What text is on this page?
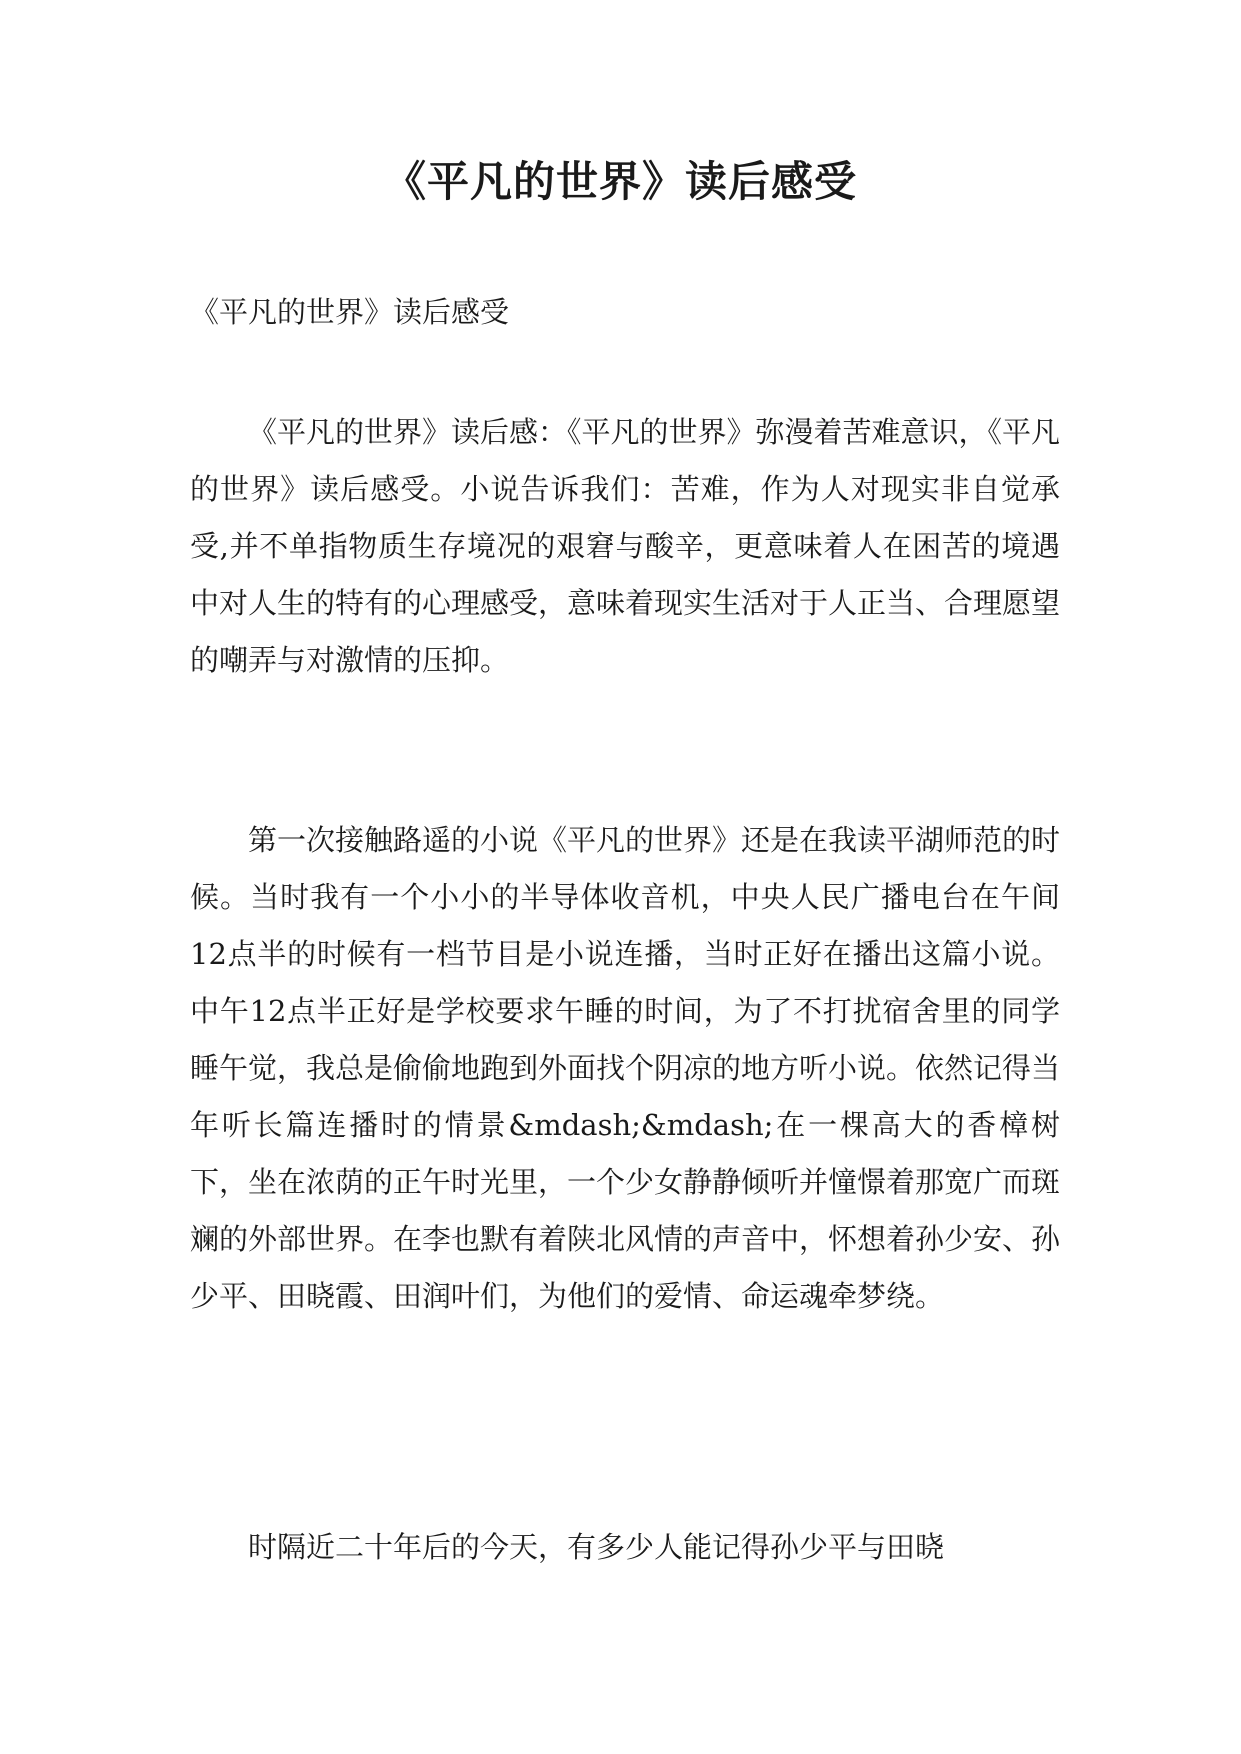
《平凡的世界》读后感受
《平凡的世界》读后感受

《平凡的世界》读后感：《平凡的世界》弥漫着苦难意识，《平凡的世界》读后感受。小说告诉我们：苦难，作为人对现实非自觉承受,并不单指物质生存境况的艰窘与酸辛，更意味着人在困苦的境遇中对人生的特有的心理感受，意味着现实生活对于人正当、合理愿望的嘲弄与对激情的压抑。

第一次接触路遥的小说《平凡的世界》还是在我读平湖师范的时候。当时我有一个小小的半导体收音机，中央人民广播电台在午间12点半的时候有一档节目是小说连播，当时正好在播出这篇小说。中午12点半正好是学校要求午睡的时间，为了不打扰宿舍里的同学睡午觉，我总是偷偷地跑到外面找个阴凉的地方听小说。依然记得当年听长篇连播时的情景&mdash;&mdash;在一棵高大的香樟树下，坐在浓荫的正午时光里，一个少女静静倾听并憧憬着那宽广而斑斓的外部世界。在李也默有着陕北风情的声音中，怀想着孙少安、孙少平、田晓霞、田润叶们，为他们的爱情、命运魂牵梦绕。

时隔近二十年后的今天，有多少人能记得孙少平与田晓
